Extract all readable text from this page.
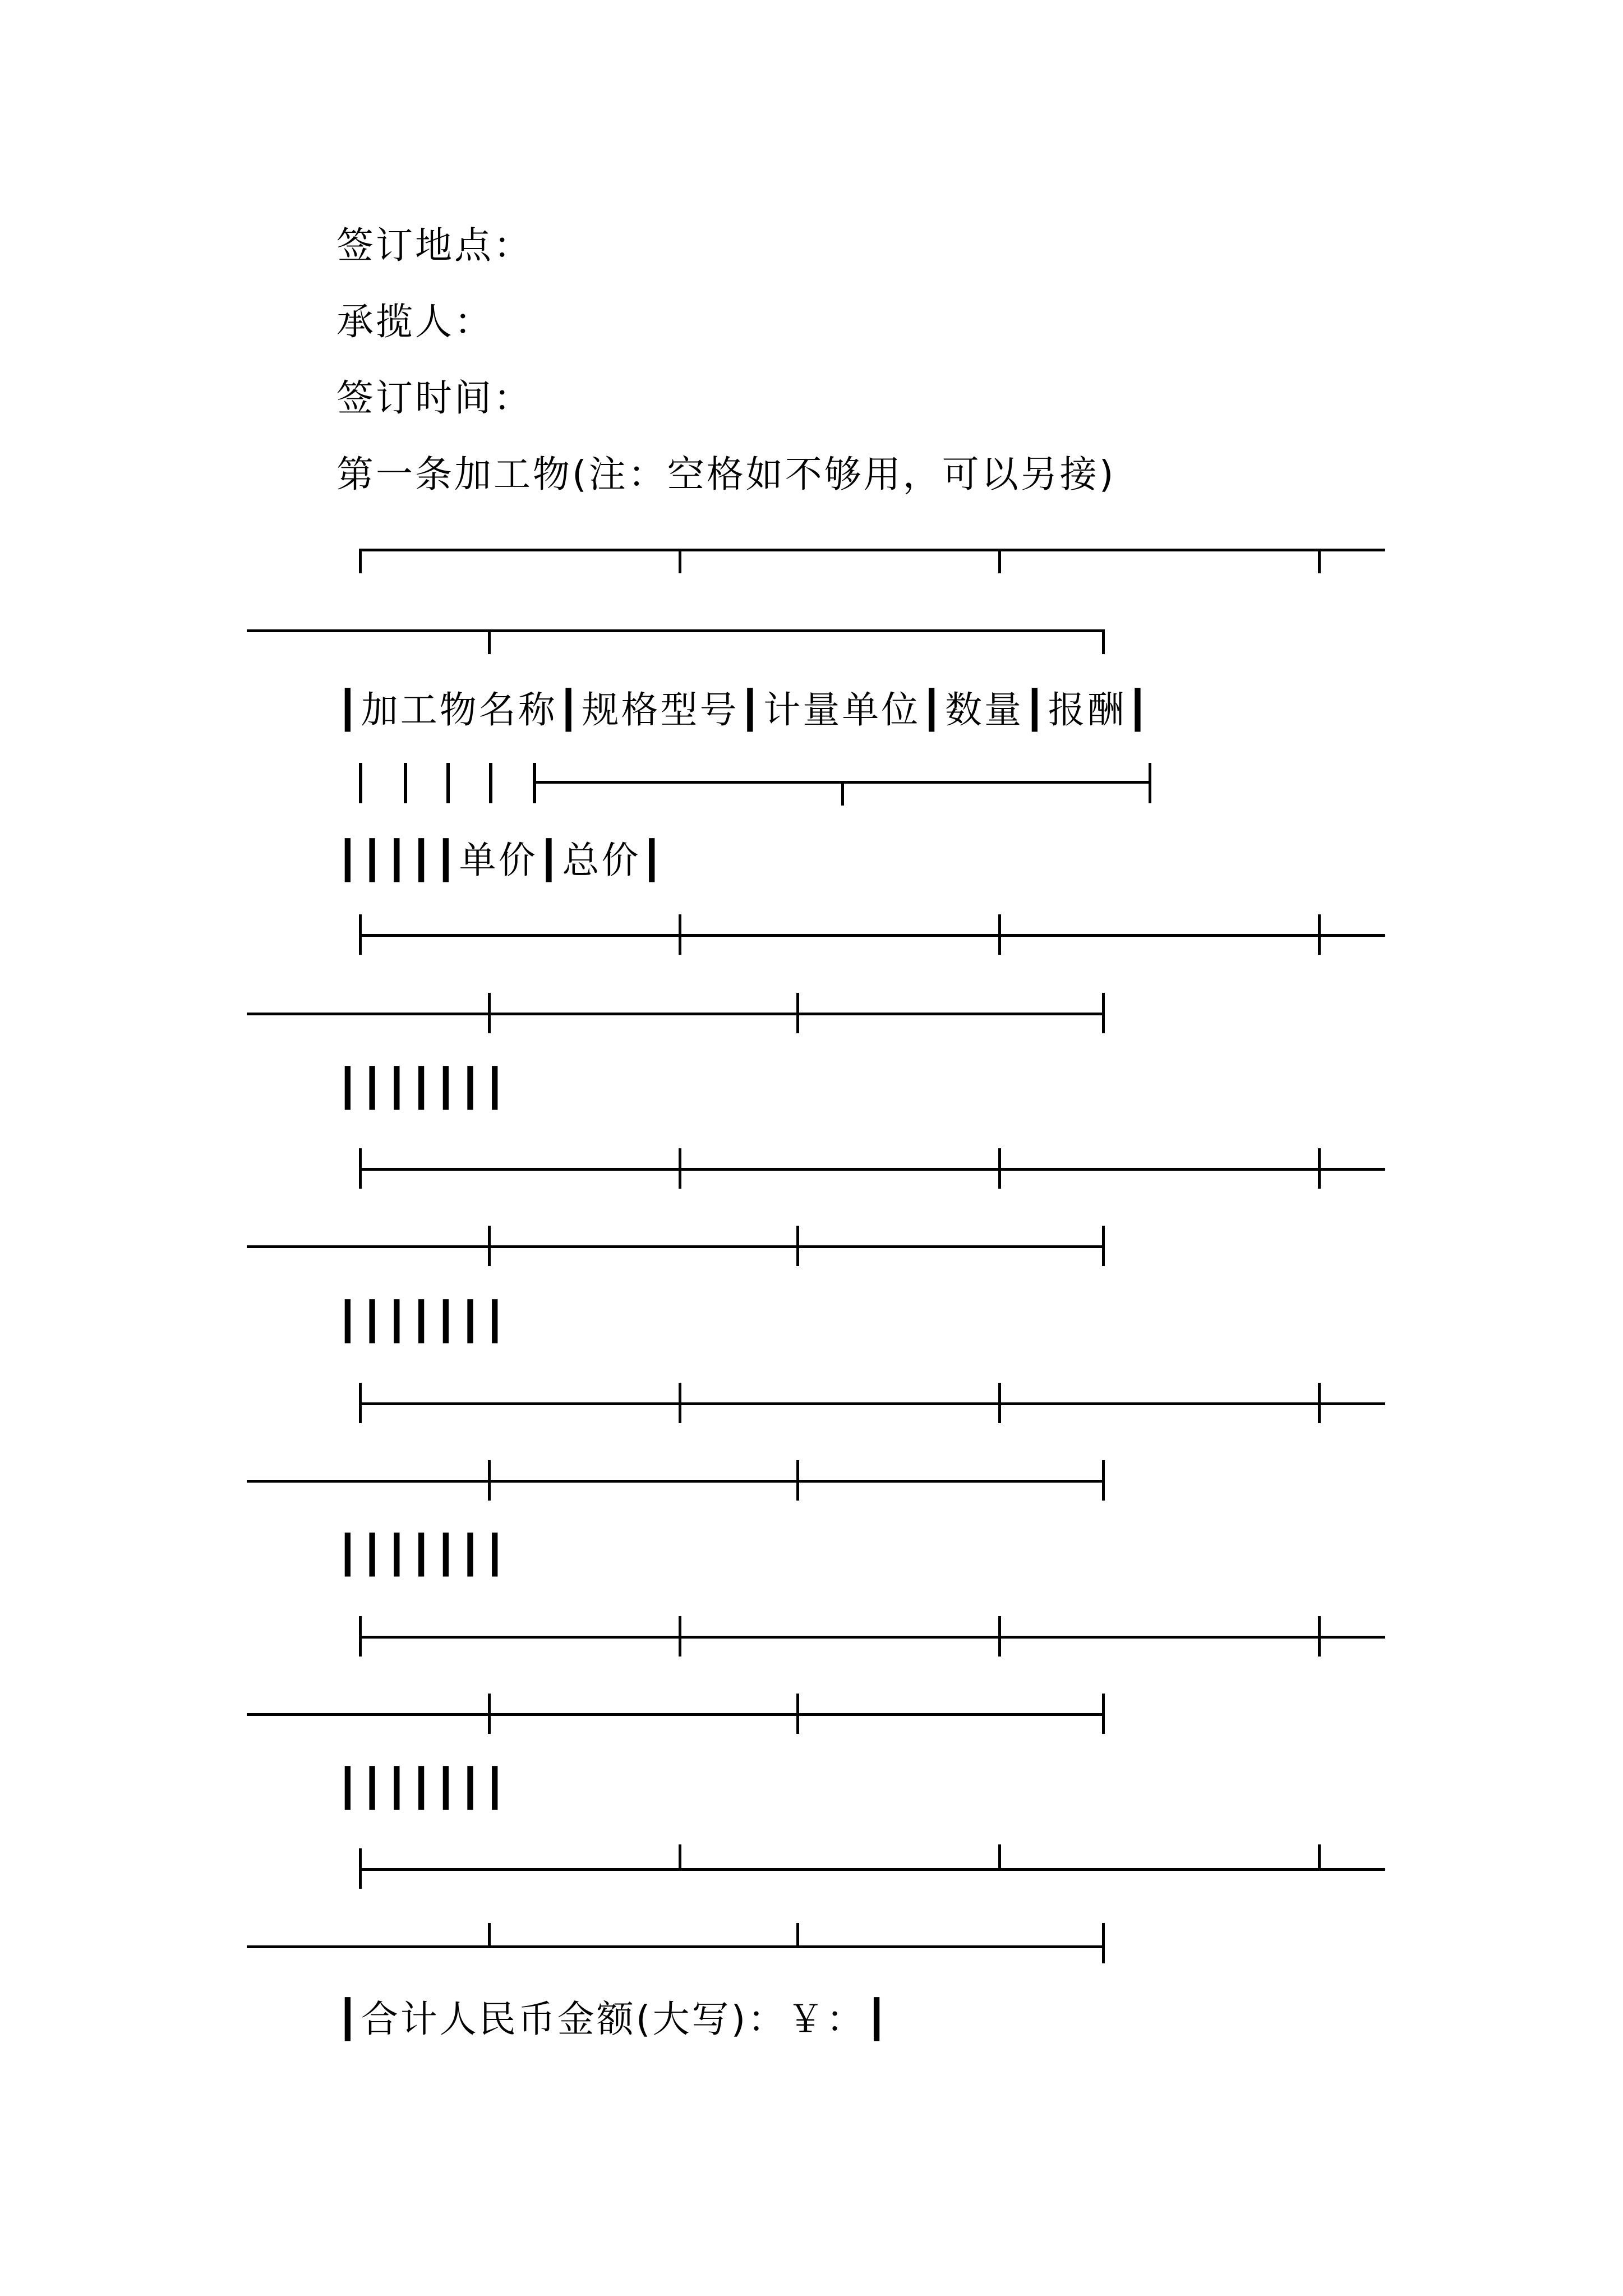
签订地点：
承揽人：
签订时间：
第一条加工物(注：空格如不够用，可以另接)
┃加工物名称┃规格型号┃计量单位┃数量┃报酬┃
┃┃┃┃┃单价┃总价┃
┃┃┃┃┃┃┃
┃┃┃┃┃┃┃
┃┃┃┃┃┃┃
┃┃┃┃┃┃┃
┃合计人民币金额(大写)：￥：┃
